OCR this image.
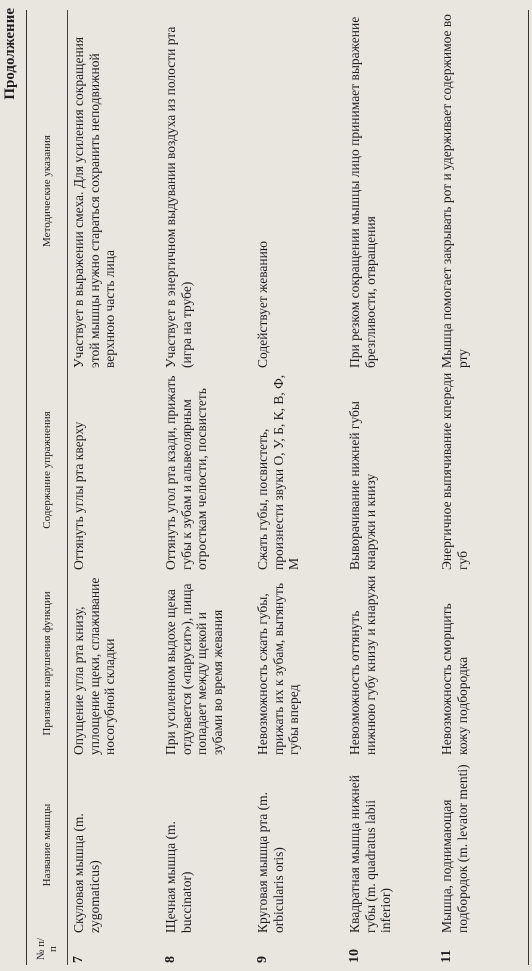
Продолжение
№ п/п
Название мышцы
Признаки нарушения функции
Содержание упражнения
Методические указания
7
Скуловая мышца (m. zygomaticus)
Опущение угла рта книзу, уплощение щеки, сглаживание носогубной складки
Оттянуть углы рта кверху
Участвует в выражении смеха. Для усиления сокращения этой мышцы нужно стараться сохранить неподвижной верхнюю часть лица
8
Щечная мышца (m. buccinator)
При усиленном выдохе щека отдувается («парусит»), пища попадает между щекой и зубами во время жевания
Оттянуть угол рта кзади, прижать губы к зубам и альвеолярным отросткам челюсти, посвистеть
Участвует в энергичном выдувании воздуха из полости рта (игра на трубе)
9
Круговая мышца рта (m. orbicularis oris)
Невозможность сжать губы, прижать их к зубам, вытянуть губы вперед
Сжать губы, посвистеть, произнести звуки О, У, Б, К, В, Ф, М
Содействует жеванию
10
Квадратная мышца нижней губы (m. quadratus labii inferior)
Невозможность оттянуть нижнюю губу книзу и кнаружи
Выворачивание нижней губы кнаружи и книзу
При резком сокращении мышцы лицо принимает выражение брезгливости, отвращения
11
Мышца, поднимающая подбородок (m. levator menti)
Невозможность сморщить кожу подбородка
Энергичное выпячивание кпереди губ
Мышца помогает закрывать рот и удерживает содержимое во рту
